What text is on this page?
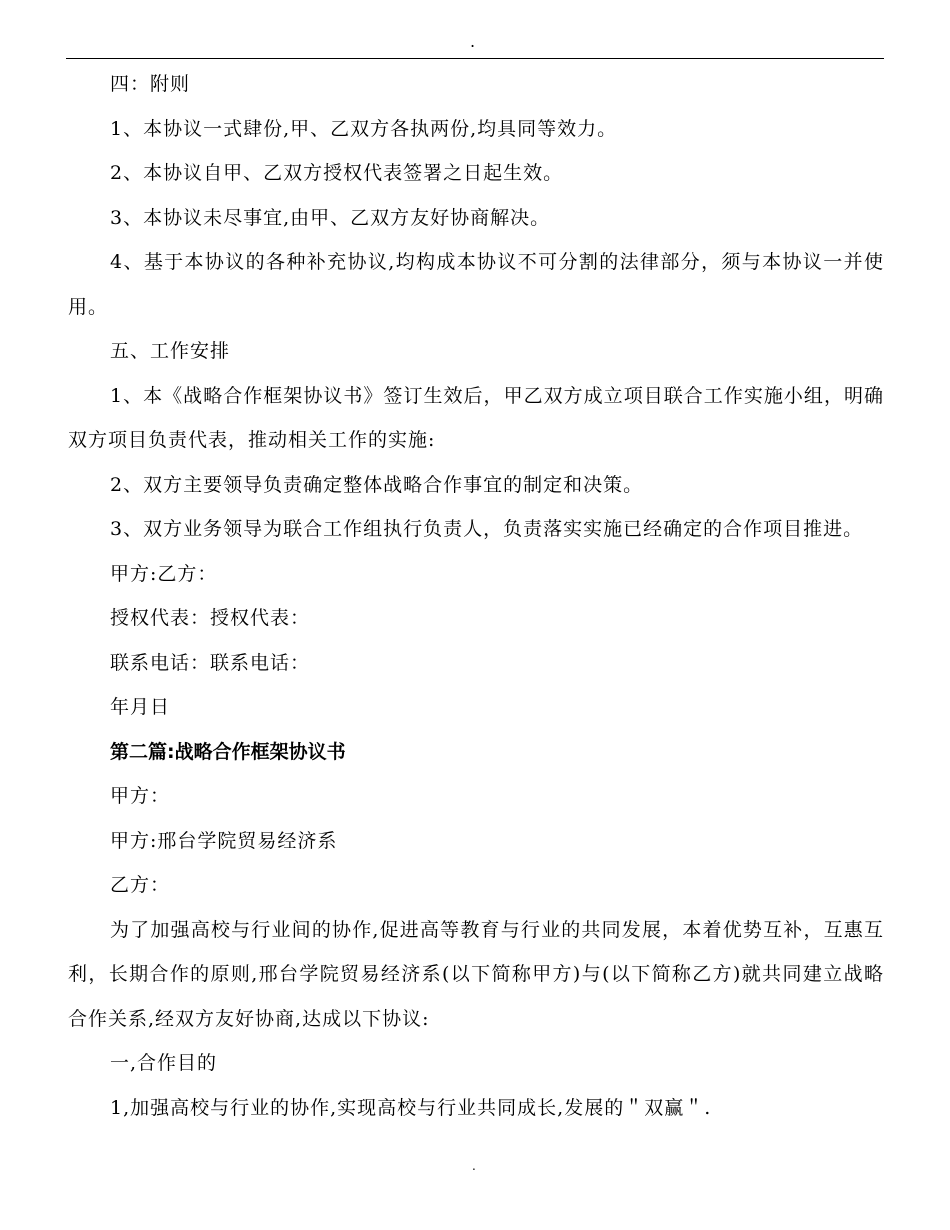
.

四：附则

1、本协议一式肆份,甲、乙双方各执两份,均具同等效力。

2、本协议自甲、乙双方授权代表签署之日起生效。

3、本协议未尽事宜,由甲、乙双方友好协商解决。

4、基于本协议的各种补充协议,均构成本协议不可分割的法律部分，须与本协议一并使用。

五、工作安排

1、本《战略合作框架协议书》签订生效后，甲乙双方成立项目联合工作实施小组，明确双方项目负责代表，推动相关工作的实施:

2、双方主要领导负责确定整体战略合作事宜的制定和决策。

3、双方业务领导为联合工作组执行负责人，负责落实实施已经确定的合作项目推进。

甲方:乙方：

授权代表：授权代表：

联系电话：联系电话：

年月日

第二篇:战略合作框架协议书

甲方：

甲方:邢台学院贸易经济系

乙方：

为了加强高校与行业间的协作,促进高等教育与行业的共同发展，本着优势互补，互惠互利，长期合作的原则,邢台学院贸易经济系(以下简称甲方)与(以下简称乙方)就共同建立战略合作关系,经双方友好协商,达成以下协议:

一,合作目的

1,加强高校与行业的协作,实现高校与行业共同成长,发展的＂双赢＂.

.
